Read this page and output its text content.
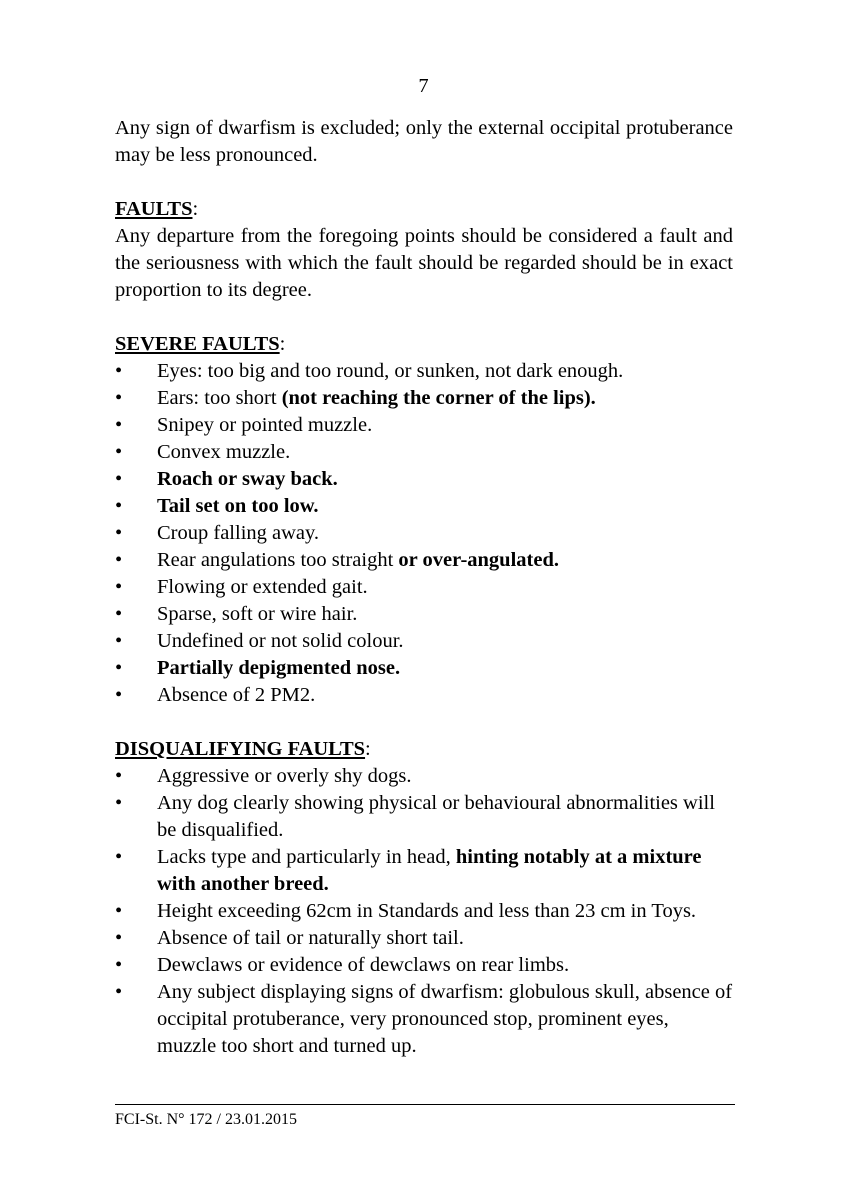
7

Any sign of dwarfism is excluded; only the external occipital protuberance may be less pronounced.

FAULTS:

Any departure from the foregoing points should be considered a fault and the seriousness with which the fault should be regarded should be in exact proportion to its degree.

SEVERE FAULTS:

• Eyes: too big and too round, or sunken, not dark enough.
• Ears: too short (not reaching the corner of the lips).
• Snipey or pointed muzzle.
• Convex muzzle.
• Roach or sway back.
• Tail set on too low.
• Croup falling away.
• Rear angulations too straight or over-angulated.
• Flowing or extended gait.
• Sparse, soft or wire hair.
• Undefined or not solid colour.
• Partially depigmented nose.
• Absence of 2 PM2.

DISQUALIFYING FAULTS:

• Aggressive or overly shy dogs.
• Any dog clearly showing physical or behavioural abnormalities will be disqualified.
• Lacks type and particularly in head, hinting notably at a mixture with another breed.
• Height exceeding 62cm in Standards and less than 23 cm in Toys.
• Absence of tail or naturally short tail.
• Dewclaws or evidence of dewclaws on rear limbs.
• Any subject displaying signs of dwarfism: globulous skull, absence of occipital protuberance, very pronounced stop, prominent eyes, muzzle too short and turned up.
FCI-St. N° 172 / 23.01.2015
